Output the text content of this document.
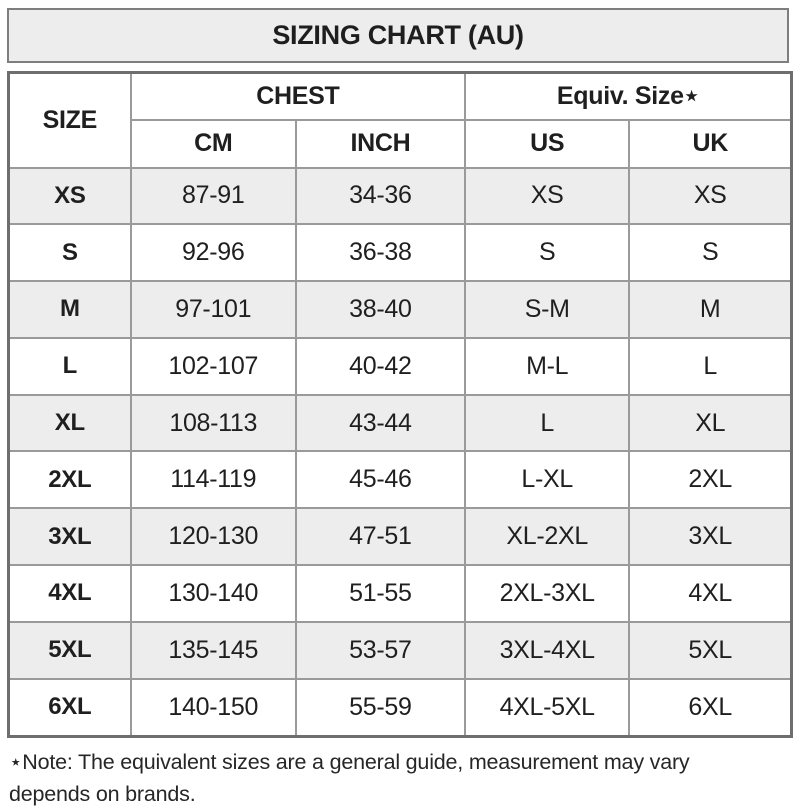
SIZING CHART (AU)
SIZE	CHEST		Equiv. Size⋆	
	CM	INCH	US	UK
XS	87-91	34-36	XS	XS
S	92-96	36-38	S	S
M	97-101	38-40	S-M	M
L	102-107	40-42	M-L	L
XL	108-113	43-44	L	XL
2XL	114-119	45-46	L-XL	2XL
3XL	120-130	47-51	XL-2XL	3XL
4XL	130-140	51-55	2XL-3XL	4XL
5XL	135-145	53-57	3XL-4XL	5XL
6XL	140-150	55-59	4XL-5XL	6XL
⋆Note: The equivalent sizes are a general guide, measurement may vary
depends on brands.
